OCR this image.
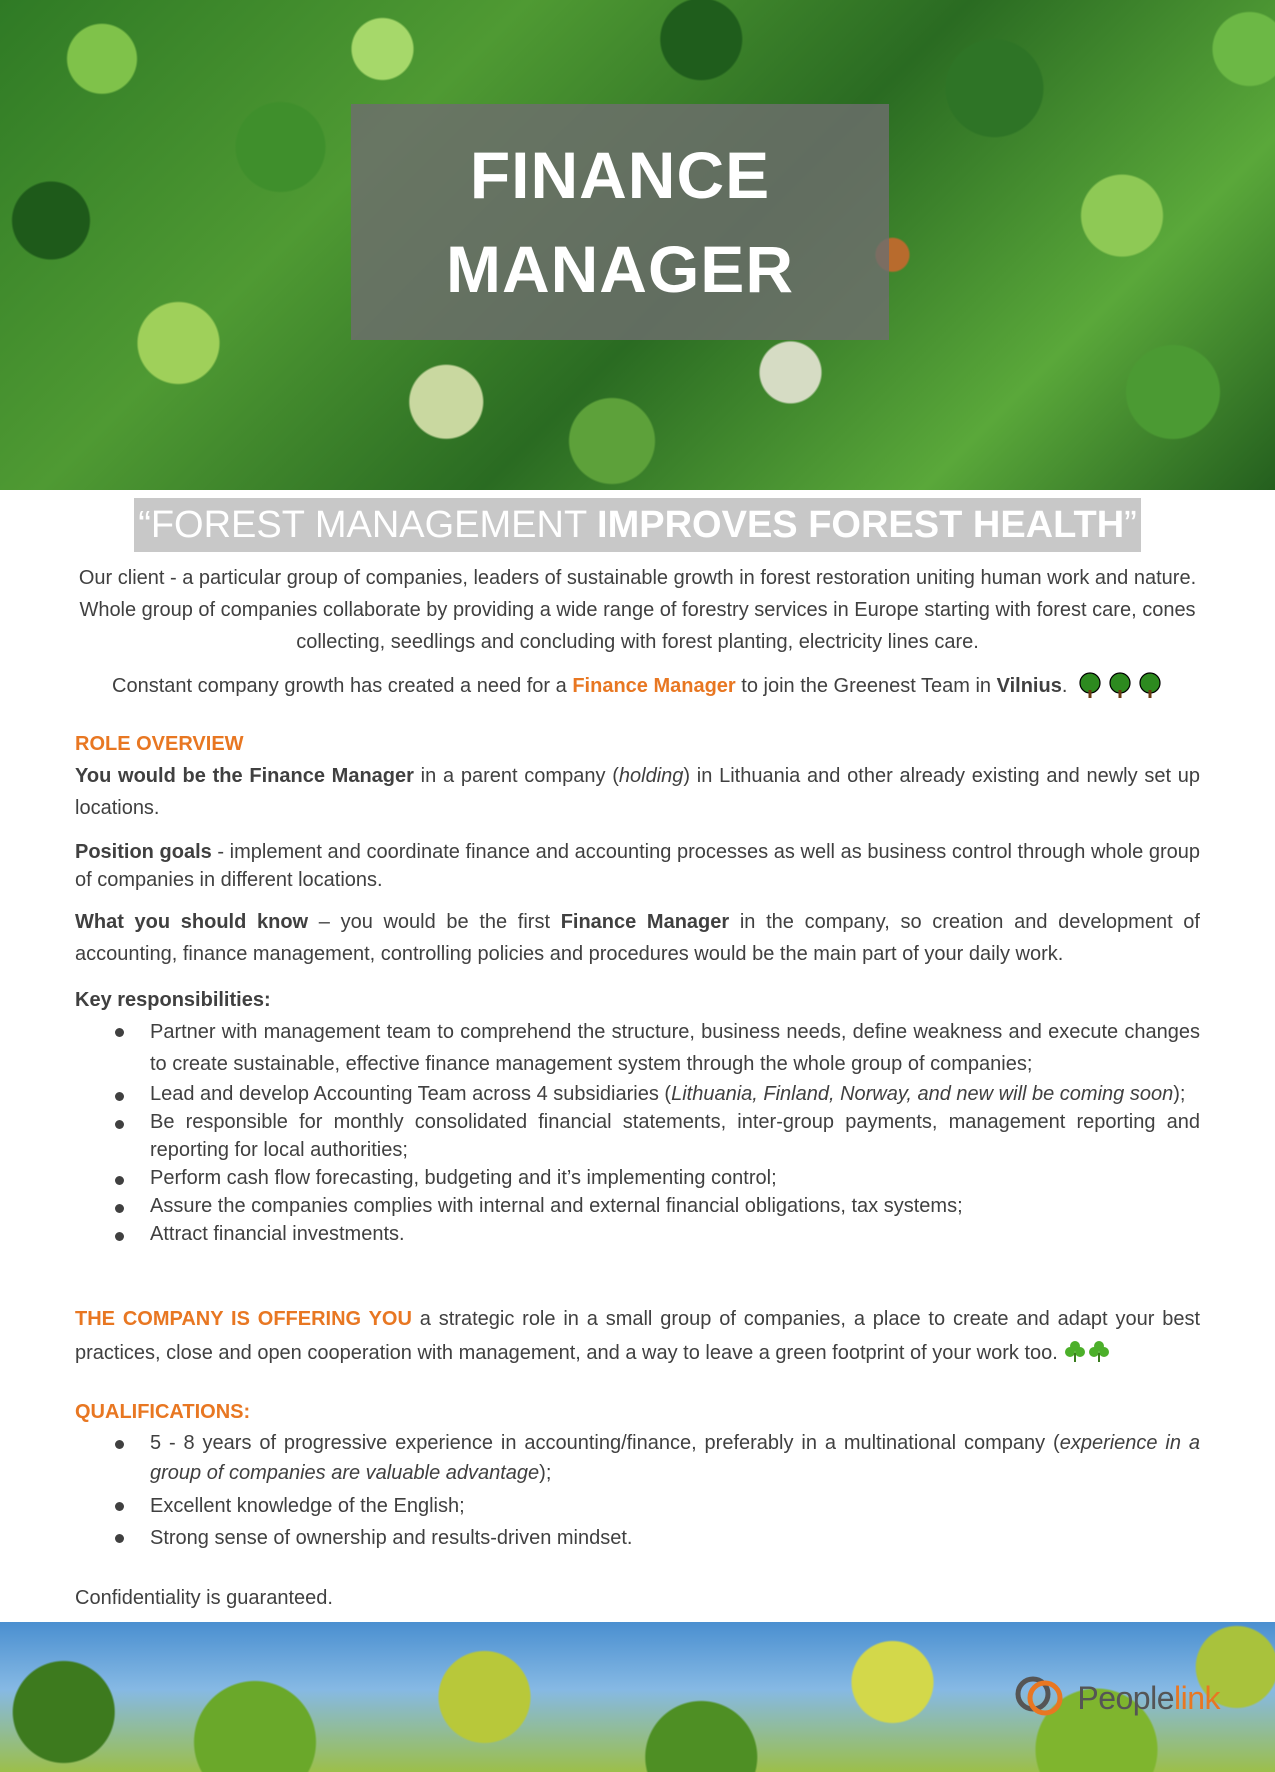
FINANCE

MANAGER

“FOREST MANAGEMENT IMPROVES FOREST HEALTH”

Our client - a particular group of companies, leaders of sustainable growth in forest restoration uniting human work and nature. Whole group of companies collaborate by providing a wide range of forestry services in Europe starting with forest care, cones collecting, seedlings and concluding with forest planting, electricity lines care.

Constant company growth has created a need for a Finance Manager to join the Greenest Team in Vilnius.

ROLE OVERVIEW

You would be the Finance Manager in a parent company (holding) in Lithuania and other already existing and newly set up locations.

Position goals - implement and coordinate finance and accounting processes as well as business control through whole group of companies in different locations.

What you should know – you would be the first Finance Manager in the company, so creation and development of accounting, finance management, controlling policies and procedures would be the main part of your daily work.

Key responsibilities:

Partner with management team to comprehend the structure, business needs, define weakness and execute changes to create sustainable, effective finance management system through the whole group of companies;
Lead and develop Accounting Team across 4 subsidiaries (Lithuania, Finland, Norway, and new will be coming soon);
Be responsible for monthly consolidated financial statements, inter-group payments, management reporting and reporting for local authorities;
Perform cash flow forecasting, budgeting and it’s implementing control;
Assure the companies complies with internal and external financial obligations, tax systems;
Attract financial investments.

THE COMPANY IS OFFERING YOU a strategic role in a small group of companies, a place to create and adapt your best practices, close and open cooperation with management, and a way to leave a green footprint of your work too.

QUALIFICATIONS:

5 - 8 years of progressive experience in accounting/finance, preferably in a multinational company (experience in a group of companies are valuable advantage);
Excellent knowledge of the English;
Strong sense of ownership and results-driven mindset.

Confidentiality is guaranteed.

Peoplelink
